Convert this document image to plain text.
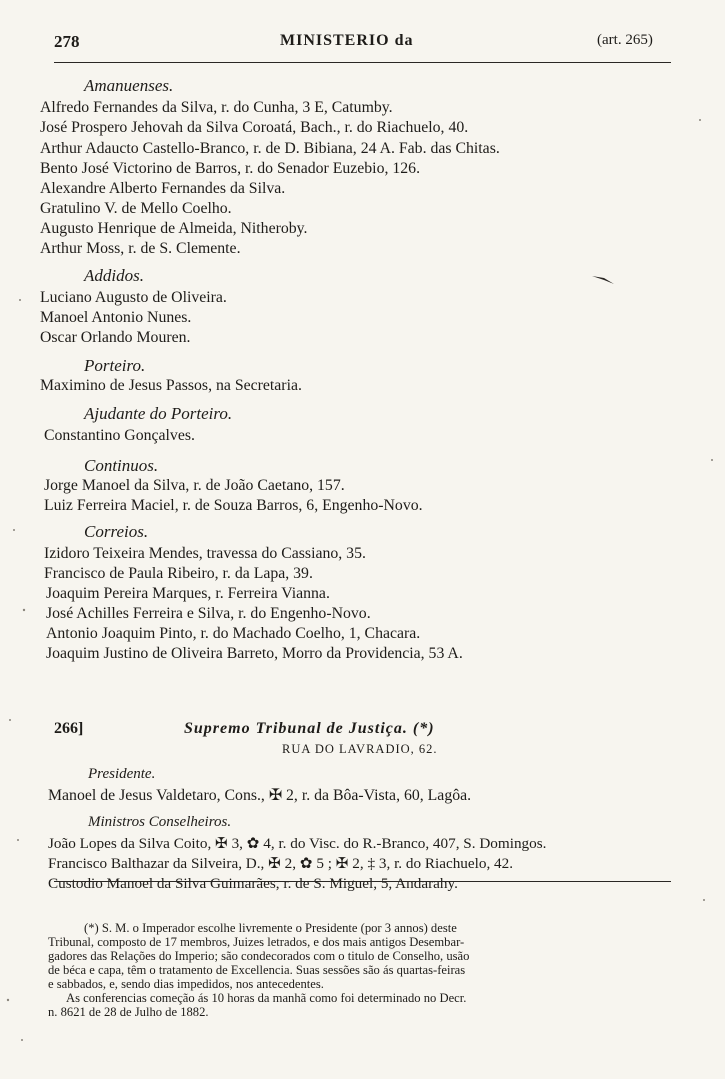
278	MINISTERIO da	(art. 265)
Amanuenses.
Alfredo Fernandes da Silva, r. do Cunha, 3 E, Catumby.
José Prospero Jehovah da Silva Coroatá, Bach., r. do Riachuelo, 40.
Arthur Adaucto Castello-Branco, r. de D. Bibiana, 24 A. Fab. das Chitas.
Bento José Victorino de Barros, r. do Senador Euzebio, 126.
Alexandre Alberto Fernandes da Silva.
Gratulino V. de Mello Coelho.
Augusto Henrique de Almeida, Nitheroby.
Arthur Moss, r. de S. Clemente.
Addidos.
Luciano Augusto de Oliveira.
Manoel Antonio Nunes.
Oscar Orlando Mouren.
Porteiro.
Maximino de Jesus Passos, na Secretaria.
Ajudante do Porteiro.
Constantino Gonçalves.
Continuos.
Jorge Manoel da Silva, r. de João Caetano, 157.
Luiz Ferreira Maciel, r. de Souza Barros, 6, Engenho-Novo.
Correios.
Izidoro Teixeira Mendes, travessa do Cassiano, 35.
Francisco de Paula Ribeiro, r. da Lapa, 39.
Joaquim Pereira Marques, r. Ferreira Vianna.
José Achilles Ferreira e Silva, r. do Engenho-Novo.
Antonio Joaquim Pinto, r. do Machado Coelho, 1, Chacara.
Joaquim Justino de Oliveira Barreto, Morro da Providencia, 53 A.
266]	Supremo Tribunal de Justiça. (*)
RUA DO LAVRADIO, 62.
Presidente.
Manoel de Jesus Valdetaro, Cons., ✠ 2, r. da Bôa-Vista, 60, Lagôa.
Ministros Conselheiros.
João Lopes da Silva Coito, ✠ 3, ✿ 4, r. do Visc. do R.-Branco, 407, S. Domingos.
Francisco Balthazar da Silveira, D., ✠ 2, ✿ 5 ; ✠ 2, ‡ 3, r. do Riachuelo, 42.
Custodio Manoel da Silva Guimarães, r. de S. Miguel, 5, Andarahy.
(*) S. M. o Imperador escolhe livremente o Presidente (por 3 annos) deste
Tribunal, composto de 17 membros, Juizes letrados, e dos mais antigos Desembar-
gadores das Relações do Imperio; são condecorados com o titulo de Conselho, usão
de béca e capa, têm o tratamento de Excellencia. Suas sessões são ás quartas-feiras
e sabbados, e, sendo dias impedidos, nos antecedentes.
As conferencias começão ás 10 horas da manhã como foi determinado no Decr.
n. 8621 de 28 de Julho de 1882.
